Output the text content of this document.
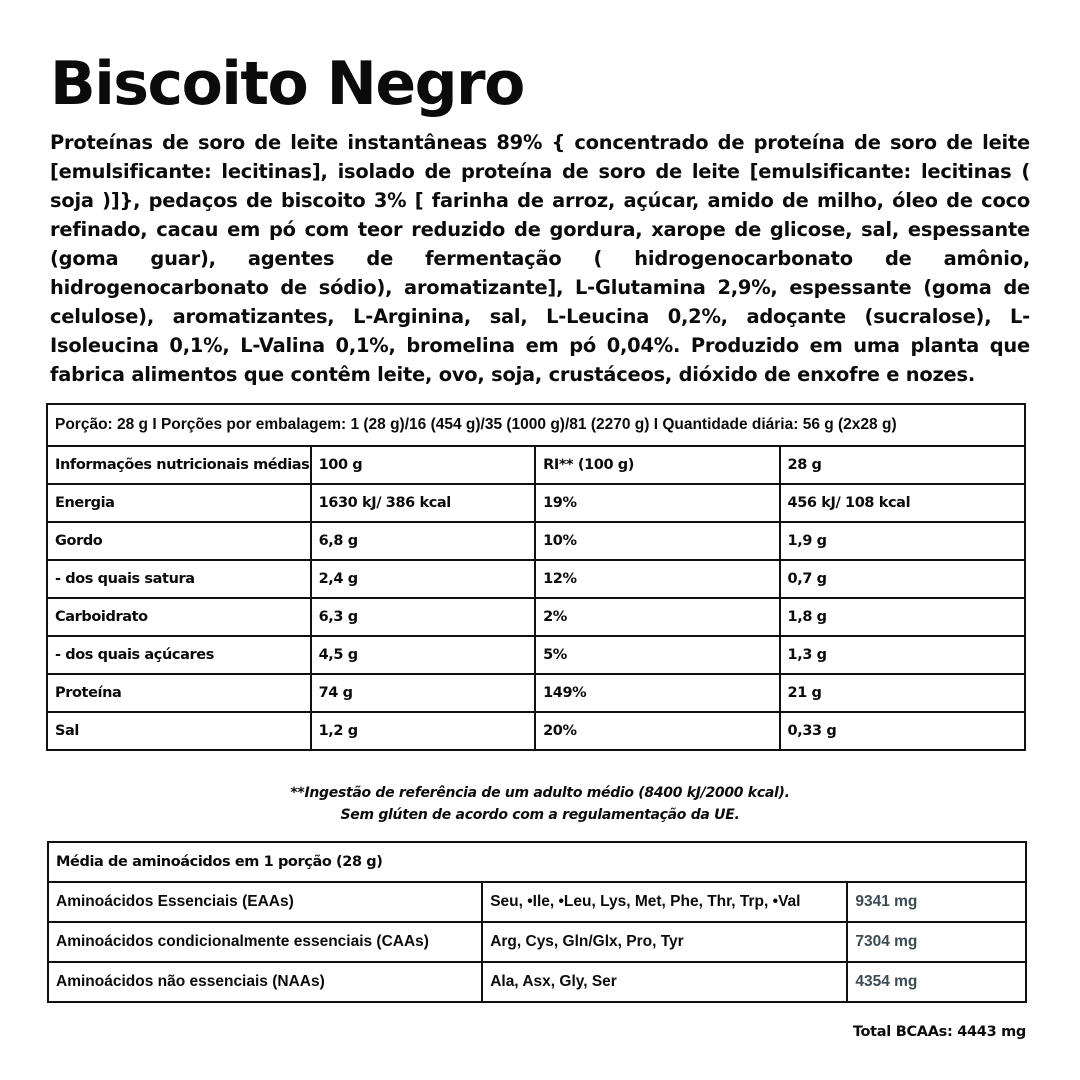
Biscoito Negro
Proteínas de soro de leite instantâneas 89% { concentrado de proteína de soro de leite [emulsificante: lecitinas], isolado de proteína de soro de leite [emulsificante: lecitinas ( soja )]}, pedaços de biscoito 3% [ farinha de arroz, açúcar, amido de milho, óleo de coco refinado, cacau em pó com teor reduzido de gordura, xarope de glicose, sal, espessante (goma guar), agentes de fermentação ( hidrogenocarbonato de amônio, hidrogenocarbonato de sódio), aromatizante], L-Glutamina 2,9%, espessante (goma de celulose), aromatizantes, L-Arginina, sal, L-Leucina 0,2%, adoçante (sucralose), L-Isoleucina 0,1%, L-Valina 0,1%, bromelina em pó 0,04%. Produzido em uma planta que fabrica alimentos que contêm leite, ovo, soja, crustáceos, dióxido de enxofre e nozes.
Porção: 28 g I Porções por embalagem: 1 (28 g)/16 (454 g)/35 (1000 g)/81 (2270 g) I Quantidade diária: 56 g (2x28 g)			
Informações nutricionais médias	100 g	RI** (100 g)	28 g
Energia	1630 kJ/ 386 kcal	19%	456 kJ/ 108 kcal
Gordo	6,8 g	10%	1,9 g
- dos quais satura	2,4 g	12%	0,7 g
Carboidrato	6,3 g	2%	1,8 g
- dos quais açúcares	4,5 g	5%	1,3 g
Proteína	74 g	149%	21 g
Sal	1,2 g	20%	0,33 g
**Ingestão de referência de um adulto médio (8400 kJ/2000 kcal).
Sem glúten de acordo com a regulamentação da UE.
Média de aminoácidos em 1 porção (28 g)		
Aminoácidos Essenciais (EAAs)	Seu, •Ile, •Leu, Lys, Met, Phe, Thr, Trp, •Val	9341 mg
Aminoácidos condicionalmente essenciais (CAAs)	Arg, Cys, Gln/Glx, Pro, Tyr	7304 mg
Aminoácidos não essenciais (NAAs)	Ala, Asx, Gly, Ser	4354 mg
Total BCAAs: 4443 mg
